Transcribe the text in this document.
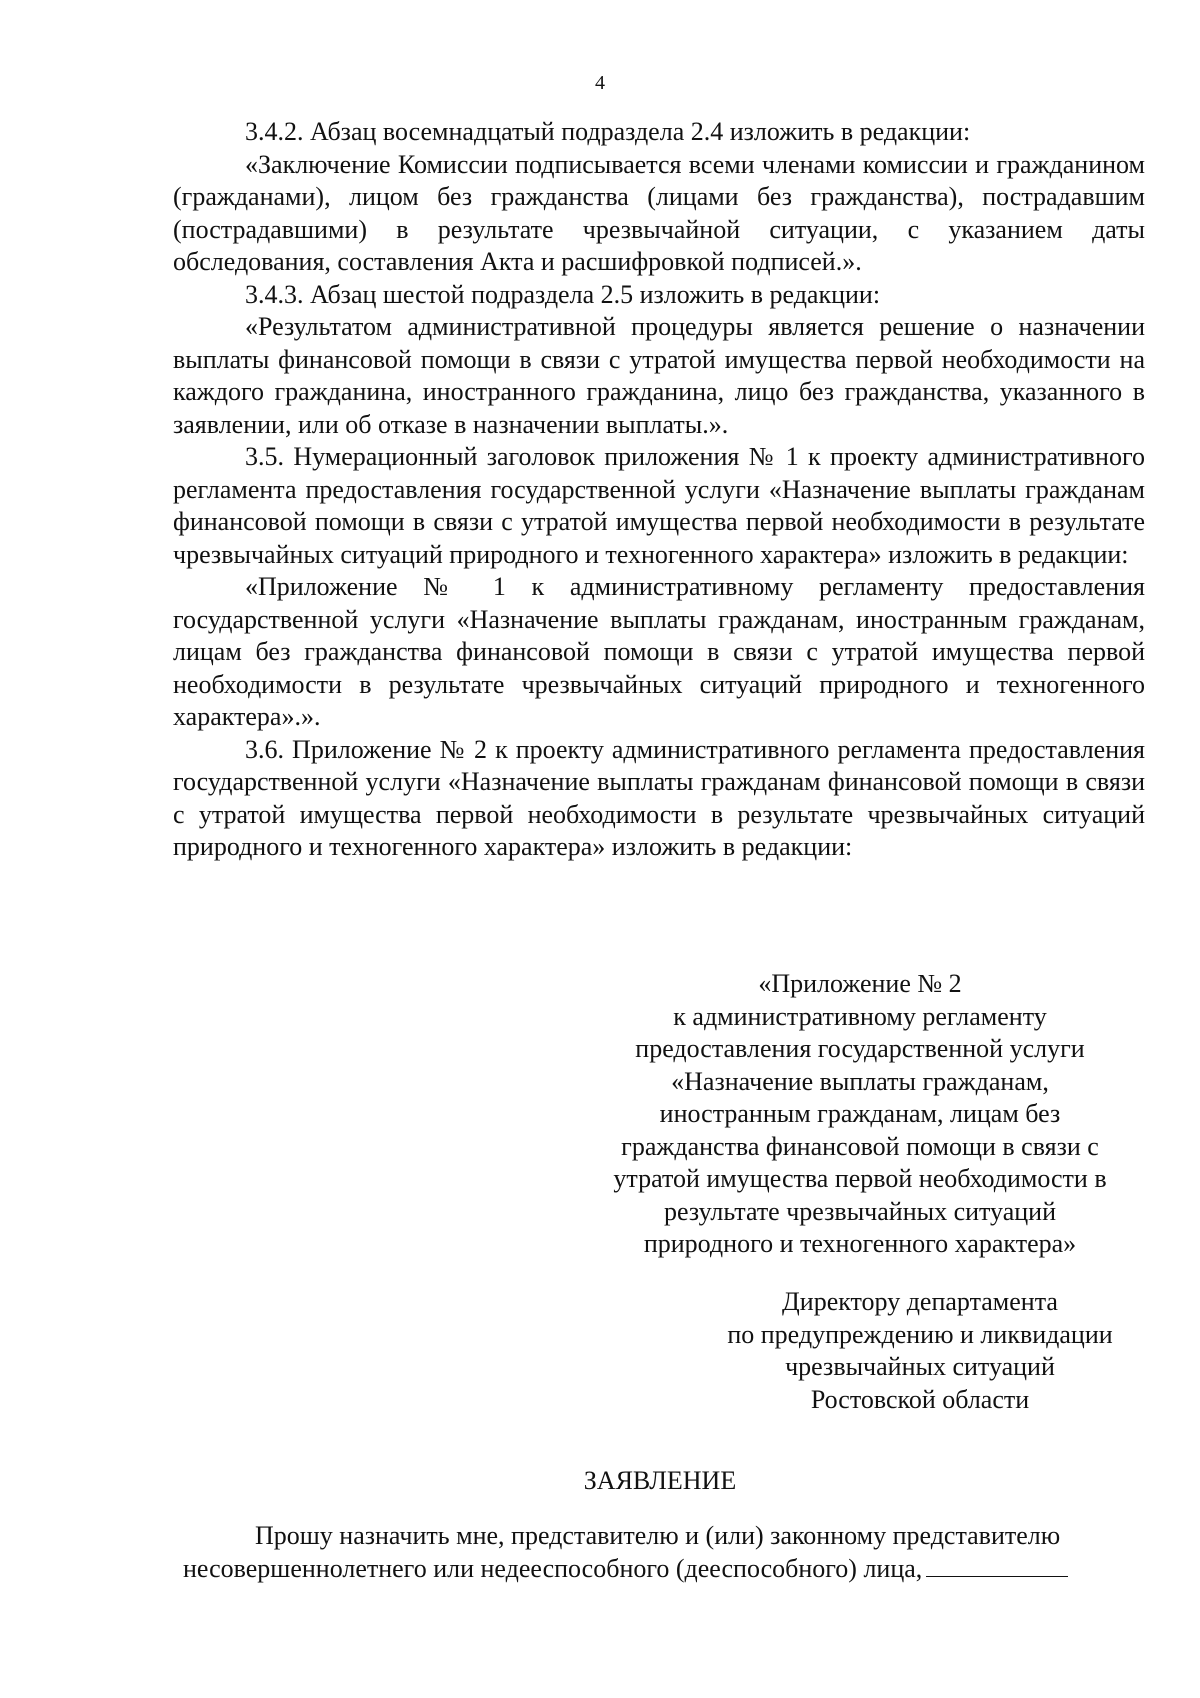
4

3.4.2. Абзац восемнадцатый подраздела 2.4 изложить в редакции:

«Заключение Комиссии подписывается всеми членами комиссии и гражданином (гражданами), лицом без гражданства (лицами без гражданства), пострадавшим (пострадавшими) в результате чрезвычайной ситуации, с указанием даты обследования, составления Акта и расшифровкой подписей.».

3.4.3. Абзац шестой подраздела 2.5 изложить в редакции:

«Результатом административной процедуры является решение о назначении выплаты финансовой помощи в связи с утратой имущества первой необходимости на каждого гражданина, иностранного гражданина, лицо без гражданства, указанного в заявлении, или об отказе в назначении выплаты.».

3.5. Нумерационный заголовок приложения № 1 к проекту административного регламента предоставления государственной услуги «Назначение выплаты гражданам финансовой помощи в связи с утратой имущества первой необходимости в результате чрезвычайных ситуаций природного и техногенного характера» изложить в редакции:

«Приложение № 1 к административному регламенту предоставления государственной услуги «Назначение выплаты гражданам, иностранным гражданам, лицам без гражданства финансовой помощи в связи с утратой имущества первой необходимости в результате чрезвычайных ситуаций природного и техногенного характера».».

3.6. Приложение № 2 к проекту административного регламента предоставления государственной услуги «Назначение выплаты гражданам финансовой помощи в связи с утратой имущества первой необходимости в результате чрезвычайных ситуаций природного и техногенного характера» изложить в редакции:

«Приложение № 2
к административному регламенту
предоставления государственной услуги
«Назначение выплаты гражданам,
иностранным гражданам, лицам без
гражданства финансовой помощи в связи с
утратой имущества первой необходимости в
результате чрезвычайных ситуаций
природного и техногенного характера»
Директору департамента
по предупреждению и ликвидации
чрезвычайных ситуаций
Ростовской области
ЗАЯВЛЕНИЕ
Прошу назначить мне, представителю и (или) законному представителю
несовершеннолетнего или недееспособного (дееспособного) лица,
